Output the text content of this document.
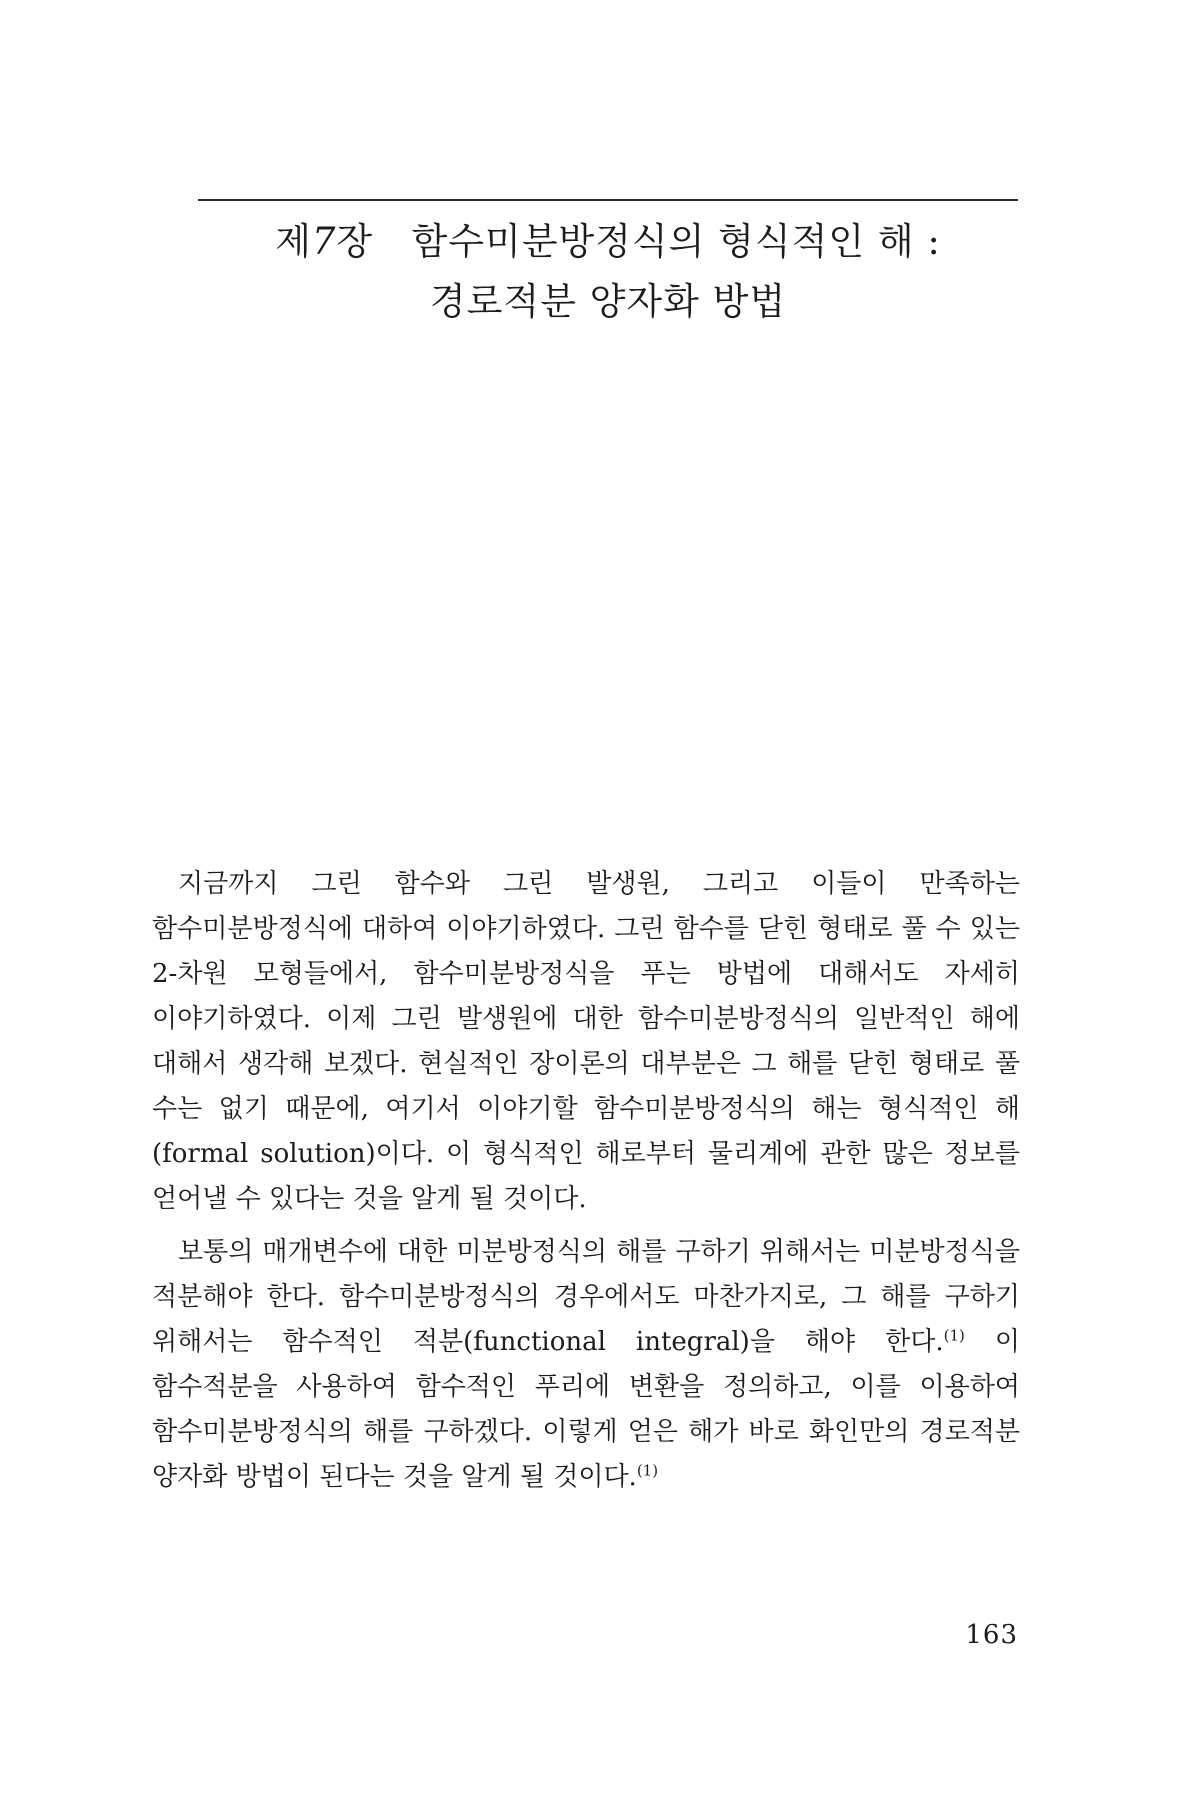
제7장 함수미분방정식의 형식적인 해 :
경로적분 양자화 방법

지금까지 그린 함수와 그린 발생원, 그리고 이들이 만족하는 함수미분방정식에 대하여 이야기하였다. 그린 함수를 닫힌 형태로 풀 수 있는 2-차원 모형들에서, 함수미분방정식을 푸는 방법에 대해서도 자세히 이야기하였다. 이제 그린 발생원에 대한 함수미분방정식의 일반적인 해에 대해서 생각해 보겠다. 현실적인 장이론의 대부분은 그 해를 닫힌 형태로 풀 수는 없기 때문에, 여기서 이야기할 함수미분방정식의 해는 형식적인 해(formal solution)이다. 이 형식적인 해로부터 물리계에 관한 많은 정보를 얻어낼 수 있다는 것을 알게 될 것이다.

보통의 매개변수에 대한 미분방정식의 해를 구하기 위해서는 미분방정식을 적분해야 한다. 함수미분방정식의 경우에서도 마찬가지로, 그 해를 구하기 위해서는 함수적인 적분(functional integral)을 해야 한다.$^{(1)}$ 이 함수적분을 사용하여 함수적인 푸리에 변환을 정의하고, 이를 이용하여 함수미분방정식의 해를 구하겠다. 이렇게 얻은 해가 바로 화인만의 경로적분 양자화 방법이 된다는 것을 알게 될 것이다.$^{(1)}$

163
